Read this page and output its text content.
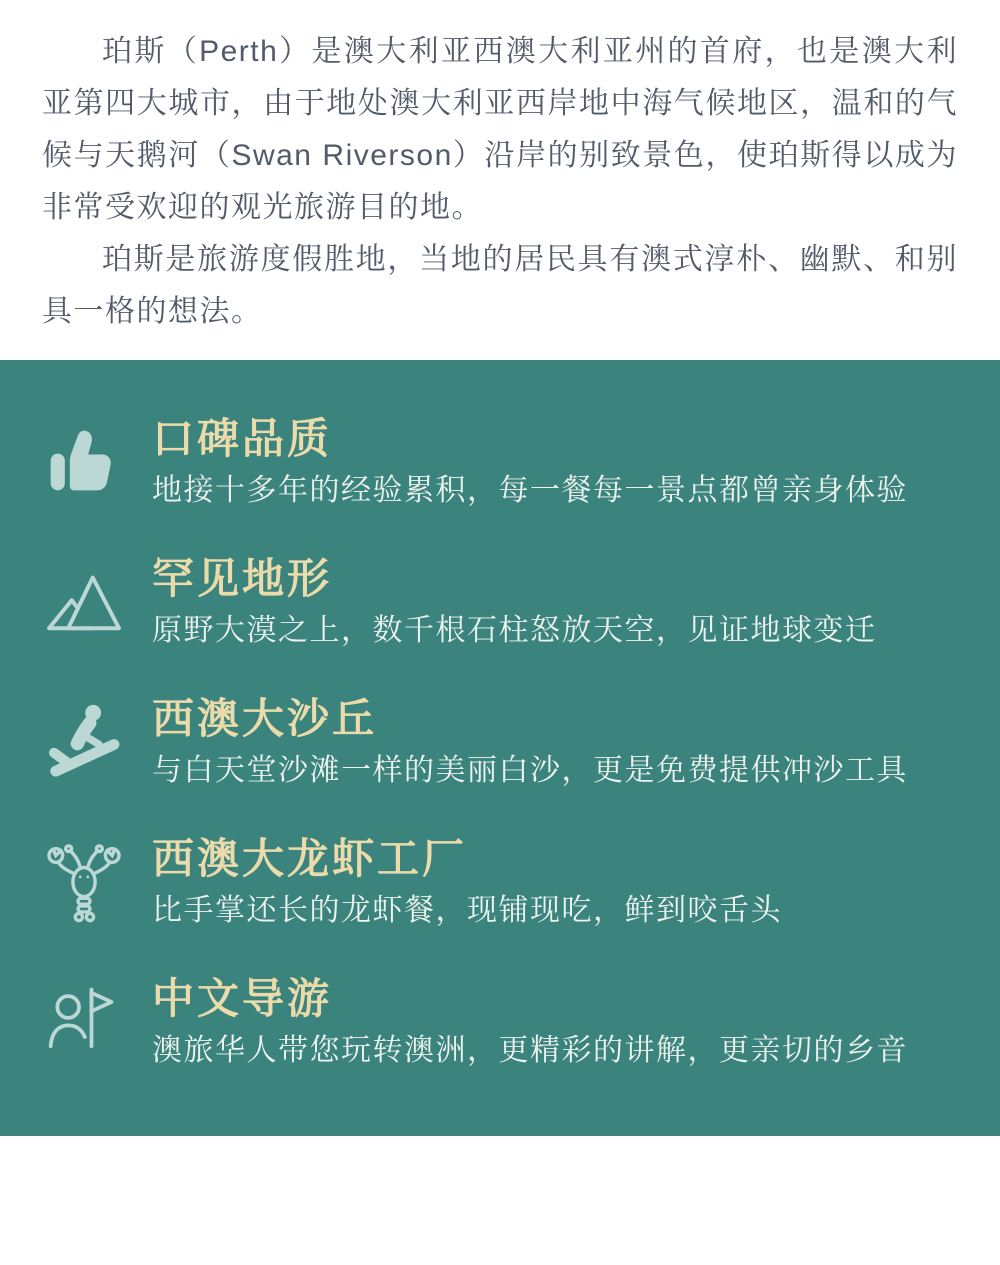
珀斯（Perth）是澳大利亚西澳大利亚州的首府，也是澳大利亚第四大城市，由于地处澳大利亚西岸地中海气候地区，温和的气候与天鹅河（Swan Riverson）沿岸的别致景色，使珀斯得以成为非常受欢迎的观光旅游目的地。

珀斯是旅游度假胜地，当地的居民具有澳式淳朴、幽默、和别具一格的想法。

口碑品质
地接十多年的经验累积，每一餐每一景点都曾亲身体验
罕见地形
原野大漠之上，数千根石柱怒放天空，见证地球变迁
西澳大沙丘
与白天堂沙滩一样的美丽白沙，更是免费提供冲沙工具
西澳大龙虾工厂
比手掌还长的龙虾餐，现铺现吃，鲜到咬舌头
中文导游
澳旅华人带您玩转澳洲，更精彩的讲解，更亲切的乡音
